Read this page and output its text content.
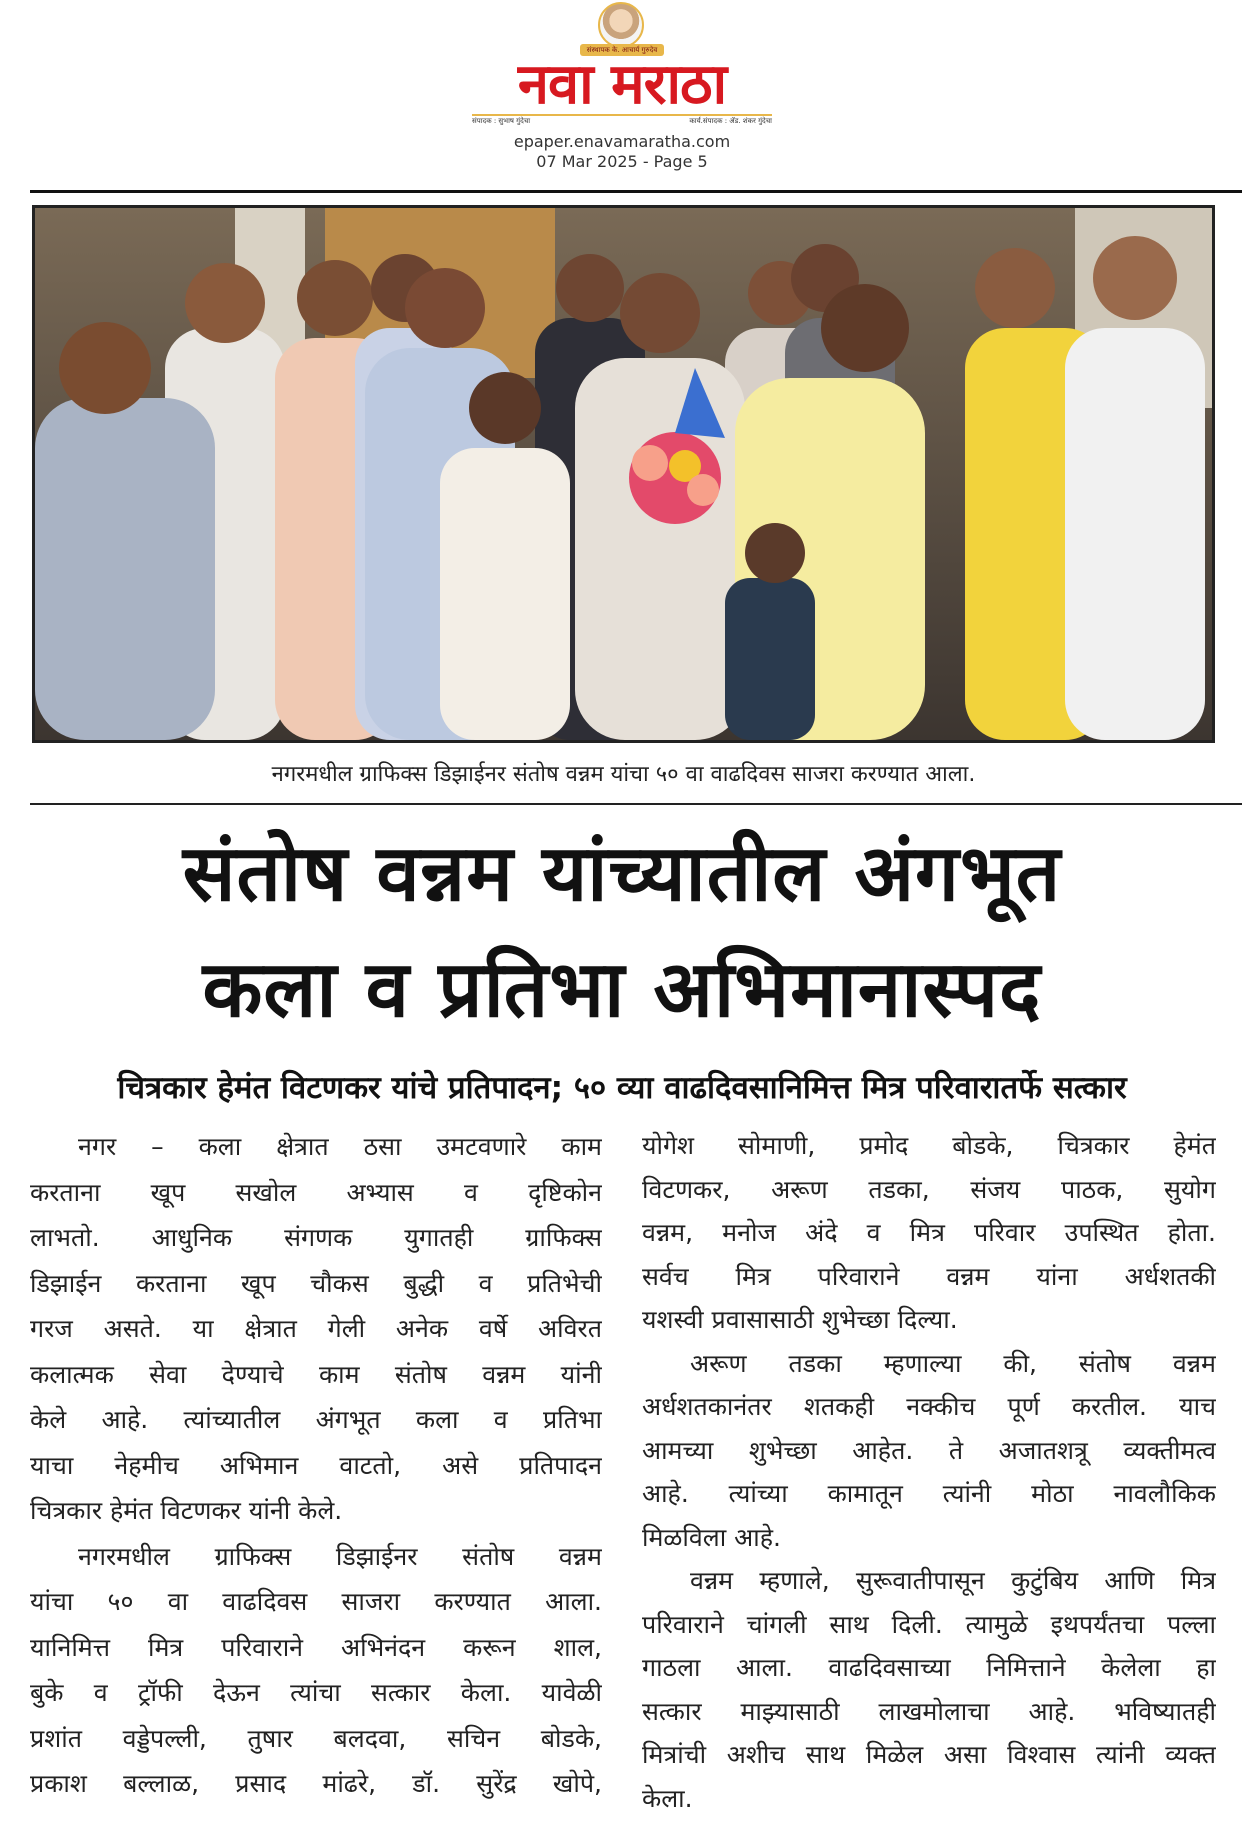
संस्थापक के. आचार्य गुरुदेव
नवा मराठा
संपादक : सुभाष गुंदेचा	कार्य.संपादक : ॲड. शंकर गुंदेचा
epaper.enavamaratha.com
07 Mar 2025 - Page 5
नगरमधील ग्राफिक्स डिझाईनर संतोष वन्नम यांचा ५० वा वाढदिवस साजरा करण्यात आला.
संतोष वन्नम यांच्यातील अंगभूत
कला व प्रतिभा अभिमानास्पद
चित्रकार हेमंत विटणकर यांचे प्रतिपादन; ५० व्या वाढदिवसानिमित्त मित्र परिवारातर्फे सत्कार
नगर – कला क्षेत्रात ठसा उमटवणारे काम
करताना खूप सखोल अभ्यास व दृष्टिकोन
लाभतो. आधुनिक संगणक युगातही ग्राफिक्स
डिझाईन करताना खूप चौकस बुद्धी व प्रतिभेची
गरज असते. या क्षेत्रात गेली अनेक वर्षे अविरत
कलात्मक सेवा देण्याचे काम संतोष वन्नम यांनी
केले आहे. त्यांच्यातील अंगभूत कला व प्रतिभा
याचा नेहमीच अभिमान वाटतो, असे प्रतिपादन
चित्रकार हेमंत विटणकर यांनी केले.
नगरमधील ग्राफिक्स डिझाईनर संतोष वन्नम
यांचा ५० वा वाढदिवस साजरा करण्यात आला.
यानिमित्त मित्र परिवाराने अभिनंदन करून शाल,
बुके व ट्रॉफी देऊन त्यांचा सत्कार केला. यावेळी
प्रशांत वड्डेपल्ली, तुषार बलदवा, सचिन बोडके,
प्रकाश बल्लाळ, प्रसाद मांढरे, डॉ. सुरेंद्र खोपे,
योगेश सोमाणी, प्रमोद बोडके, चित्रकार हेमंत
विटणकर, अरूण तडका, संजय पाठक, सुयोग
वन्नम, मनोज अंदे व मित्र परिवार उपस्थित होता.
सर्वच मित्र परिवाराने वन्नम यांना अर्धशतकी
यशस्वी प्रवासासाठी शुभेच्छा दिल्या.
अरूण तडका म्हणाल्या की, संतोष वन्नम
अर्धशतकानंतर शतकही नक्कीच पूर्ण करतील. याच
आमच्या शुभेच्छा आहेत. ते अजातशत्रू व्यक्तीमत्व
आहे. त्यांच्या कामातून त्यांनी मोठा नावलौकिक
मिळविला आहे.
वन्नम म्हणाले, सुरूवातीपासून कुटुंबिय आणि मित्र
परिवाराने चांगली साथ दिली. त्यामुळे इथपर्यंतचा पल्ला
गाठला आला. वाढदिवसाच्या निमित्ताने केलेला हा
सत्कार माझ्यासाठी लाखमोलाचा आहे. भविष्यातही
मित्रांची अशीच साथ मिळेल असा विश्वास त्यांनी व्यक्त
केला.
